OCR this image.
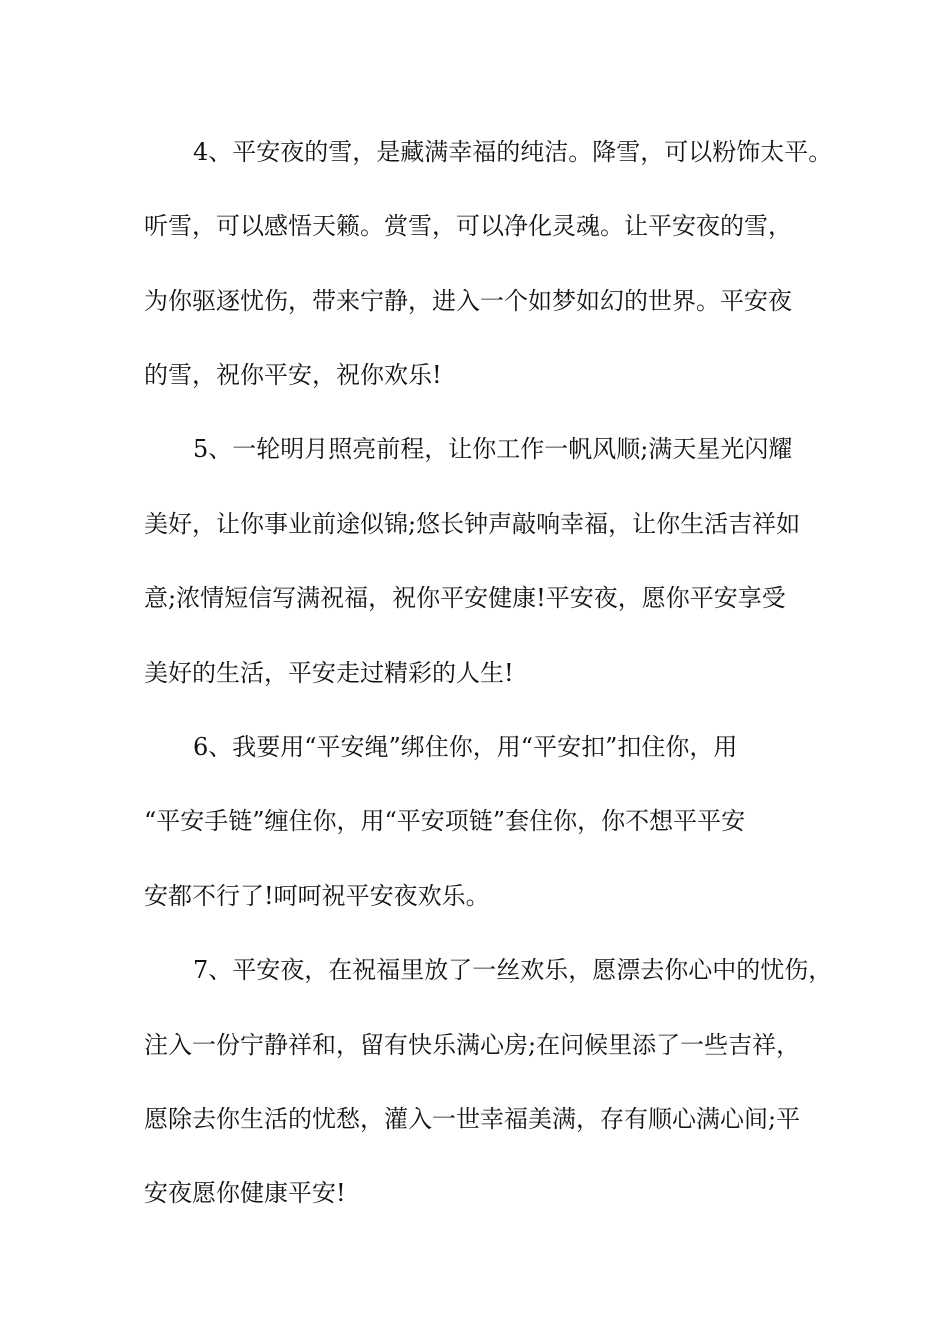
4、平安夜的雪，是藏满幸福的纯洁。降雪，可以粉饰太平。
听雪，可以感悟天籁。赏雪，可以净化灵魂。让平安夜的雪，
为你驱逐忧伤，带来宁静，进入一个如梦如幻的世界。平安夜
的雪，祝你平安，祝你欢乐!
5、一轮明月照亮前程，让你工作一帆风顺;满天星光闪耀
美好，让你事业前途似锦;悠长钟声敲响幸福，让你生活吉祥如
意;浓情短信写满祝福，祝你平安健康!平安夜，愿你平安享受
美好的生活，平安走过精彩的人生!
6、我要用“平安绳”绑住你，用“平安扣”扣住你，用
“平安手链”缠住你，用“平安项链”套住你，你不想平平安
安都不行了!呵呵祝平安夜欢乐。
7、平安夜，在祝福里放了一丝欢乐，愿漂去你心中的忧伤，
注入一份宁静祥和，留有快乐满心房;在问候里添了一些吉祥，
愿除去你生活的忧愁，灌入一世幸福美满，存有顺心满心间;平
安夜愿你健康平安!
